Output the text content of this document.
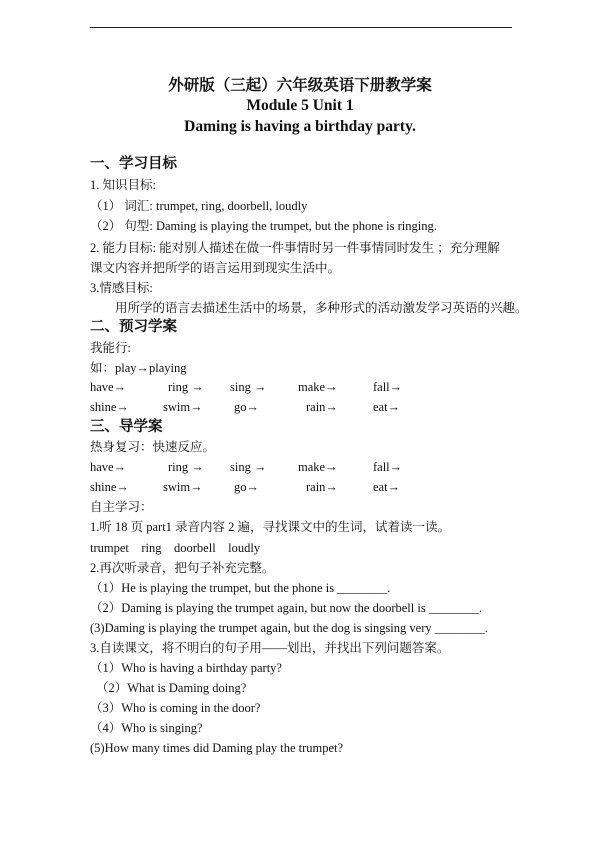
外研版（三起）六年级英语下册教学案
Module 5 Unit 1
Daming is having a birthday party.
一、学习目标
1. 知识目标:
（1） 词汇: trumpet, ring, doorbell, loudly
（2） 句型: Daming is playing the trumpet, but the phone is ringing.
2. 能力目标: 能对别人描述在做一件事情时另一件事情同时发生 ；充分理解课文内容并把所学的语言运用到现实生活中。
3.情感目标:
用所学的语言去描述生活中的场景，多种形式的活动激发学习英语的兴趣。
二、预习学案
我能行:
如：play→playing
have→	ring → sing →	make→	fall→
shine→	swim→	go→	rain→	eat→
三、导学案
热身复习：快速反应。
have→	ring → sing →	make→	fall→
shine→	swim→	go→	rain→	eat→
自主学习：
1.听 18 页 part1 录音内容 2 遍，寻找课文中的生词，试着读一读。
trumpet    ring    doorbell    loudly
2.再次听录音，把句子补充完整。
（1）He is playing the trumpet, but the phone is ________.
（2）Daming is playing the trumpet again, but now the doorbell is ________.
(3)Daming is playing the trumpet again, but the dog is singsing very ________.
3.自读课文，将不明白的句子用——划出，并找出下列问题答案。
（1）Who is having a birthday party?
（2）What is Daming doing?
（3）Who is coming in the door?
（4）Who is singing?
(5)How many times did Daming play the trumpet?
